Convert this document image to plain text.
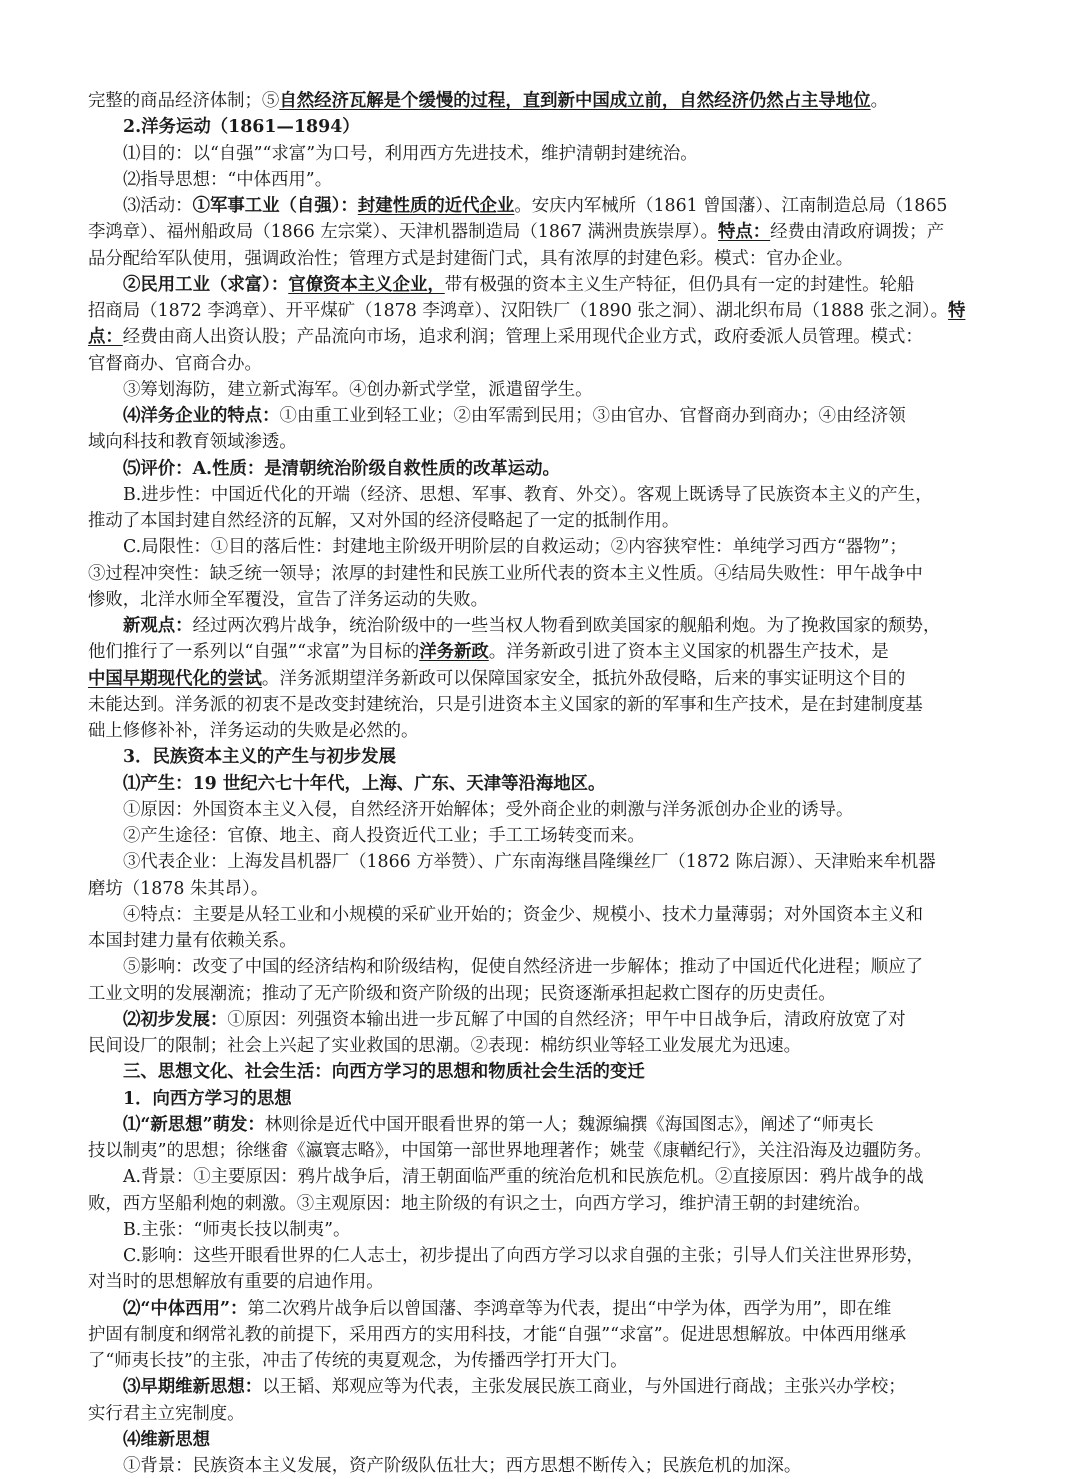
完整的商品经济体制；⑤自然经济瓦解是个缓慢的过程，直到新中国成立前，自然经济仍然占主导地位。
2.洋务运动（1861—1894）
⑴目的：以“自强”“求富”为口号，利用西方先进技术，维护清朝封建统治。
⑵指导思想：“中体西用”。
⑶活动：①军事工业（自强）：封建性质的近代企业。安庆内军械所（1861 曾国藩）、江南制造总局（1865
李鸿章）、福州船政局（1866 左宗棠）、天津机器制造局（1867 满洲贵族崇厚）。特点：经费由清政府调拨；产
品分配给军队使用，强调政治性；管理方式是封建衙门式，具有浓厚的封建色彩。模式：官办企业。
②民用工业（求富）：官僚资本主义企业，带有极强的资本主义生产特征，但仍具有一定的封建性。轮船
招商局（1872 李鸿章）、开平煤矿（1878 李鸿章）、汉阳铁厂（1890 张之洞）、湖北织布局（1888 张之洞）。特
点：经费由商人出资认股；产品流向市场，追求利润；管理上采用现代企业方式，政府委派人员管理。模式：
官督商办、官商合办。
③筹划海防，建立新式海军。④创办新式学堂，派遣留学生。
⑷洋务企业的特点：①由重工业到轻工业；②由军需到民用；③由官办、官督商办到商办；④由经济领
域向科技和教育领域渗透。
⑸评价：A.性质：是清朝统治阶级自救性质的改革运动。
B.进步性：中国近代化的开端（经济、思想、军事、教育、外交）。客观上既诱导了民族资本主义的产生，
推动了本国封建自然经济的瓦解，又对外国的经济侵略起了一定的抵制作用。
C.局限性：①目的落后性：封建地主阶级开明阶层的自救运动；②内容狭窄性：单纯学习西方“器物”；
③过程冲突性：缺乏统一领导；浓厚的封建性和民族工业所代表的资本主义性质。④结局失败性：甲午战争中
惨败，北洋水师全军覆没，宣告了洋务运动的失败。
新观点：经过两次鸦片战争，统治阶级中的一些当权人物看到欧美国家的舰船利炮。为了挽救国家的颓势，
他们推行了一系列以“自强”“求富”为目标的洋务新政。洋务新政引进了资本主义国家的机器生产技术，是
中国早期现代化的尝试。洋务派期望洋务新政可以保障国家安全，抵抗外敌侵略，后来的事实证明这个目的
未能达到。洋务派的初衷不是改变封建统治，只是引进资本主义国家的新的军事和生产技术，是在封建制度基
础上修修补补，洋务运动的失败是必然的。
3．民族资本主义的产生与初步发展
⑴产生：19 世纪六七十年代，上海、广东、天津等沿海地区。
①原因：外国资本主义入侵，自然经济开始解体；受外商企业的刺激与洋务派创办企业的诱导。
②产生途径：官僚、地主、商人投资近代工业；手工工场转变而来。
③代表企业：上海发昌机器厂（1866 方举赞）、广东南海继昌隆缫丝厂（1872 陈启源）、天津贻来牟机器
磨坊（1878 朱其昂）。
④特点：主要是从轻工业和小规模的采矿业开始的；资金少、规模小、技术力量薄弱；对外国资本主义和
本国封建力量有依赖关系。
⑤影响：改变了中国的经济结构和阶级结构，促使自然经济进一步解体；推动了中国近代化进程；顺应了
工业文明的发展潮流；推动了无产阶级和资产阶级的出现；民资逐渐承担起救亡图存的历史责任。
⑵初步发展：①原因：列强资本输出进一步瓦解了中国的自然经济；甲午中日战争后，清政府放宽了对
民间设厂的限制；社会上兴起了实业救国的思潮。②表现：棉纺织业等轻工业发展尤为迅速。
三、思想文化、社会生活：向西方学习的思想和物质社会生活的变迁
1．向西方学习的思想
⑴“新思想”萌发：林则徐是近代中国开眼看世界的第一人；魏源编撰《海国图志》，阐述了“师夷长
技以制夷”的思想；徐继畬《瀛寰志略》，中国第一部世界地理著作；姚莹《康輶纪行》，关注沿海及边疆防务。
A.背景：①主要原因：鸦片战争后，清王朝面临严重的统治危机和民族危机。②直接原因：鸦片战争的战
败，西方坚船利炮的刺激。③主观原因：地主阶级的有识之士，向西方学习，维护清王朝的封建统治。
B.主张：“师夷长技以制夷”。
C.影响：这些开眼看世界的仁人志士，初步提出了向西方学习以求自强的主张；引导人们关注世界形势，
对当时的思想解放有重要的启迪作用。
⑵“中体西用”：第二次鸦片战争后以曾国藩、李鸿章等为代表，提出“中学为体，西学为用”，即在维
护固有制度和纲常礼教的前提下，采用西方的实用科技，才能“自强”“求富”。促进思想解放。中体西用继承
了“师夷长技”的主张，冲击了传统的夷夏观念，为传播西学打开大门。
⑶早期维新思想：以王韬、郑观应等为代表，主张发展民族工商业，与外国进行商战；主张兴办学校；
实行君主立宪制度。
⑷维新思想
①背景：民族资本主义发展，资产阶级队伍壮大；西方思想不断传入；民族危机的加深。
